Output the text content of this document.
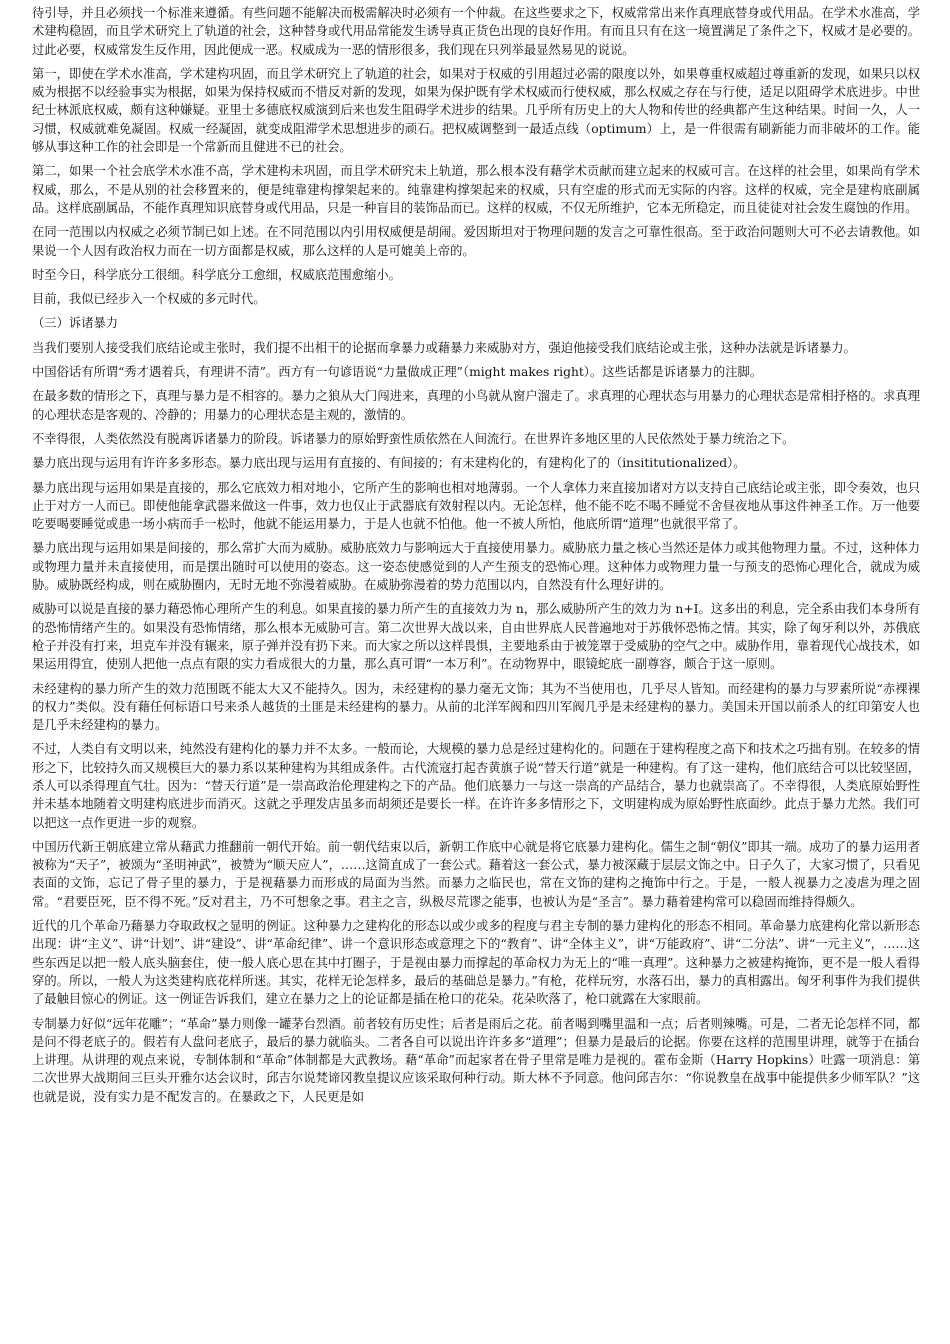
待引导，并且必须找一个标准来遵循。有些问题不能解决而极需解决时必须有一个仲裁。在这些要求之下，权威常常出来作真理底替身或代用品。在学术水准高，学术建构稳固，而且学术研究上了轨道的社会，这种替身或代用品常能发生诱导真正货色出现的良好作用。有而且只有在这一境置满足了条件之下，权威才是必要的。过此必要，权威常发生反作用，因此便成一恶。权威成为一恶的情形很多，我们现在只列举最显然易见的说说。

第一，即使在学术水准高，学术建构巩固，而且学术研究上了轨道的社会，如果对于权威的引用超过必需的限度以外，如果尊重权威超过尊重新的发现，如果只以权威为根据不以经验事实为根据，如果为保持权威而不惜反对新的发现，如果为保护既有学术权威而行使权威，那么权威之存在与行使，适足以阻碍学术底进步。中世纪士林派底权威，颇有这种嫌疑。亚里士多德底权威演到后来也发生阻碍学术进步的结果。几乎所有历史上的大人物和传世的经典都产生这种结果。时间一久，人一习惯，权威就难免凝固。权威一经凝固，就变成阻滞学术思想进步的顽石。把权威调整到一最适点线（optimum）上，是一件很需有刷新能力而非破坏的工作。能够从事这种工作的社会即是一个常新而且健进不已的社会。

第二，如果一个社会底学术水准不高，学术建构未巩固，而且学术研究未上轨道，那么根本没有藉学术贡献而建立起来的权威可言。在这样的社会里，如果尚有学术权威，那么，不是从别的社会移置来的，便是纯靠建构撑架起来的。纯靠建构撑架起来的权威，只有空虚的形式而无实际的内容。这样的权威，完全是建构底副属品。这样底副属品，不能作真理知识底替身或代用品，只是一种盲目的装饰品而已。这样的权威，不仅无所维护，它本无所稳定，而且徒徒对社会发生腐蚀的作用。

在同一范围以内权威之必须节制已如上述。在不同范围以内引用权威便是胡闹。爱因斯坦对于物理问题的发言之可靠性很高。至于政治问题则大可不必去请教他。如果说一个人因有政治权力而在一切方面都是权威，那么这样的人是可媲美上帝的。

时至今日，科学底分工很细。科学底分工愈细，权威底范围愈缩小。

目前，我似已经步入一个权威的多元时代。

（三）诉诸暴力

当我们要别人接受我们底结论或主张时，我们提不出相干的论据而拿暴力或藉暴力来威胁对方，强迫他接受我们底结论或主张，这种办法就是诉诸暴力。

中国俗话有所谓“秀才遇着兵，有理讲不清”。西方有一句谚语说“力量做成正理”（might makes right）。这些话都是诉诸暴力的注脚。

在最多数的情形之下，真理与暴力是不相容的。暴力之狼从大门闯进来，真理的小鸟就从窗户溜走了。求真理的心理状态与用暴力的心理状态是常相抒格的。求真理的心理状态是客观的、冷静的；用暴力的心理状态是主观的，激情的。

不幸得很，人类依然没有脱离诉诸暴力的阶段。诉诸暴力的原始野蛮性质依然在人间流行。在世界许多地区里的人民依然处于暴力统治之下。

暴力底出现与运用有许许多多形态。暴力底出现与运用有直接的、有间接的；有未建构化的，有建构化了的（insititutionalized）。

暴力底出现与运用如果是直接的，那么它底效力相对地小，它所产生的影响也相对地薄弱。一个人拿体力来直接加诸对方以支持自己底结论或主张，即令奏效，也只止于对方一人而已。即使他能拿武器来做这一件事，效力也仅止于武器底有效射程以内。无论怎样，他不能不吃不喝不睡觉不舍昼夜地从事这件神圣工作。万一他要吃要喝要睡觉或患一场小病而手一松时，他就不能运用暴力，于是人也就不怕他。他一不被人所怕，他底所谓“道理”也就很平常了。

暴力底出现与运用如果是间接的，那么常扩大而为威胁。威胁底效力与影响远大于直接使用暴力。威胁底力量之核心当然还是体力或其他物理力量。不过，这种体力或物理力量并未直接使用，而是摆出随时可以使用的姿态。这一姿态使感觉到的人产生预支的恐怖心理。这种体力或物理力量一与预支的恐怖心理化合，就成为威胁。威胁既经构成，则在威胁圈内，无时无地不弥漫着威胁。在威胁弥漫着的势力范围以内，自然没有什么理好讲的。

威胁可以说是直接的暴力藉恐怖心理所产生的利息。如果直接的暴力所产生的直接效力为 n，那么威胁所产生的效力为 n+I。这多出的利息，完全系由我们本身所有的恐怖情绪产生的。如果没有恐怖情绪，那么根本无威胁可言。第二次世界大战以来，自由世界底人民普遍地对于苏俄怀恐怖之情。其实，除了匈牙利以外，苏俄底枪子并没有打来，坦克车并没有辗来，原子弹并没有扔下来。而大家之所以这样畏惧，主要地系由于被笼罩于受威胁的空气之中。威胁作用，靠着现代心战技术，如果运用得宜，使别人把他一点点有限的实力看成很大的力量，那么真可谓“一本万利”。在动物界中，眼镜蛇底一副尊容，颇合于这一原则。

未经建构的暴力所产生的效力范围既不能太大又不能持久。因为，未经建构的暴力毫无文饰；其为不当使用也，几乎尽人皆知。而经建构的暴力与罗素所说“赤裸裸的权力”类似。没有藉任何标语口号来杀人越货的土匪是未经建构的暴力。从前的北洋军阀和四川军阀几乎是未经建构的暴力。美国未开国以前杀人的红印第安人也是几乎未经建构的暴力。

不过，人类自有文明以来，纯然没有建构化的暴力并不太多。一般而论，大规模的暴力总是经过建构化的。问题在于建构程度之高下和技术之巧拙有别。在较多的情形之下，比较持久而又规模巨大的暴力系以某种建构为其组成条件。古代流寇打起杏黄旗子说“替天行道”就是一种建构。有了这一建构，他们底结合可以比较坚固，杀人可以杀得理直气壮。因为：“替天行道”是一崇高政治伦理建构之下的产品。他们底暴力一与这一崇高的产品结合，暴力也就崇高了。不幸得很，人类底原始野性并未基本地随着文明建构底进步而消灭。这就之乎理发店虽多而胡须还是要长一样。在许许多多情形之下，文明建构成为原始野性底面纱。此点于暴力尤然。我们可以把这一点作更进一步的观察。

中国历代新王朝底建立常从藉武力推翻前一朝代开始。前一朝代结束以后，新朝工作底中心就是将它底暴力建构化。儒生之制“朝仪”即其一端。成功了的暴力运用者被称为“天子”，被颂为“圣明神武”，被赞为“顺天应人”，……这简直成了一套公式。藉着这一套公式，暴力被深藏于层层文饰之中。日子久了，大家习惯了，只看见表面的文饰，忘记了骨子里的暴力，于是视藉暴力而形成的局面为当然。而暴力之临民也，常在文饰的建构之掩饰中行之。于是，一般人视暴力之凌虐为理之固常。“君要臣死，臣不得不死。”反对君主，乃不可想象之事。君主之言，纵极尽荒谬之能事，也被认为是“圣言”。暴力藉着建构常可以稳固而维持得颇久。

近代的几个革命乃藉暴力夺取政权之显明的例证。这种暴力之建构化的形态以或少或多的程度与君主专制的暴力建构化的形态不相同。革命暴力底建构化常以新形态出现：讲“主义”、讲“计划”、讲“建设”、讲“革命纪律”、讲一个意识形态或意理之下的“教育”、讲“全体主义”，讲“万能政府”、讲“二分法”、讲“一元主义”，……这些东西足以把一般人底头脑套住，使一般人底心思在其中打圈子，于是视由暴力而撑起的革命权力为无上的“唯一真理”。这种暴力之被建构掩饰，更不是一般人看得穿的。所以，一般人为这类建构底花样所迷。其实，花样无论怎样多，最后的基础总是暴力。”有枪，花样玩穷，水落石出，暴力的真相露出。匈牙利事件为我们提供了最触目惊心的例证。这一例证告诉我们，建立在暴力之上的论证都是插在枪口的花朵。花朵吹落了，枪口就露在大家眼前。

专制暴力好似“远年花雕”；“革命”暴力则像一罐茅台烈酒。前者较有历史性；后者是雨后之花。前者喝到嘴里温和一点；后者则辣嘴。可是，二者无论怎样不同，都是问不得老底子的。假若有人盘问老底子，最后的暴力就临头。二者各自可以说出许许多多“道理”；但暴力是最后的论据。你要在这样的范围里讲理，就等于在插台上讲理。从讲理的观点来说，专制体制和“革命”体制都是大武教场。藉“革命”而起家者在骨子里常是唯力是视的。霍布金斯（Harry Hopkins）吐露一项消息：第二次世界大战期间三巨头开雅尔达会议时，邱吉尔说梵谛冈教皇提议应该采取何种行动。斯大林不予同意。他问邱吉尔：“你说教皇在战事中能提供多少师军队？”这也就是说，没有实力是不配发言的。在暴政之下，人民更是如
